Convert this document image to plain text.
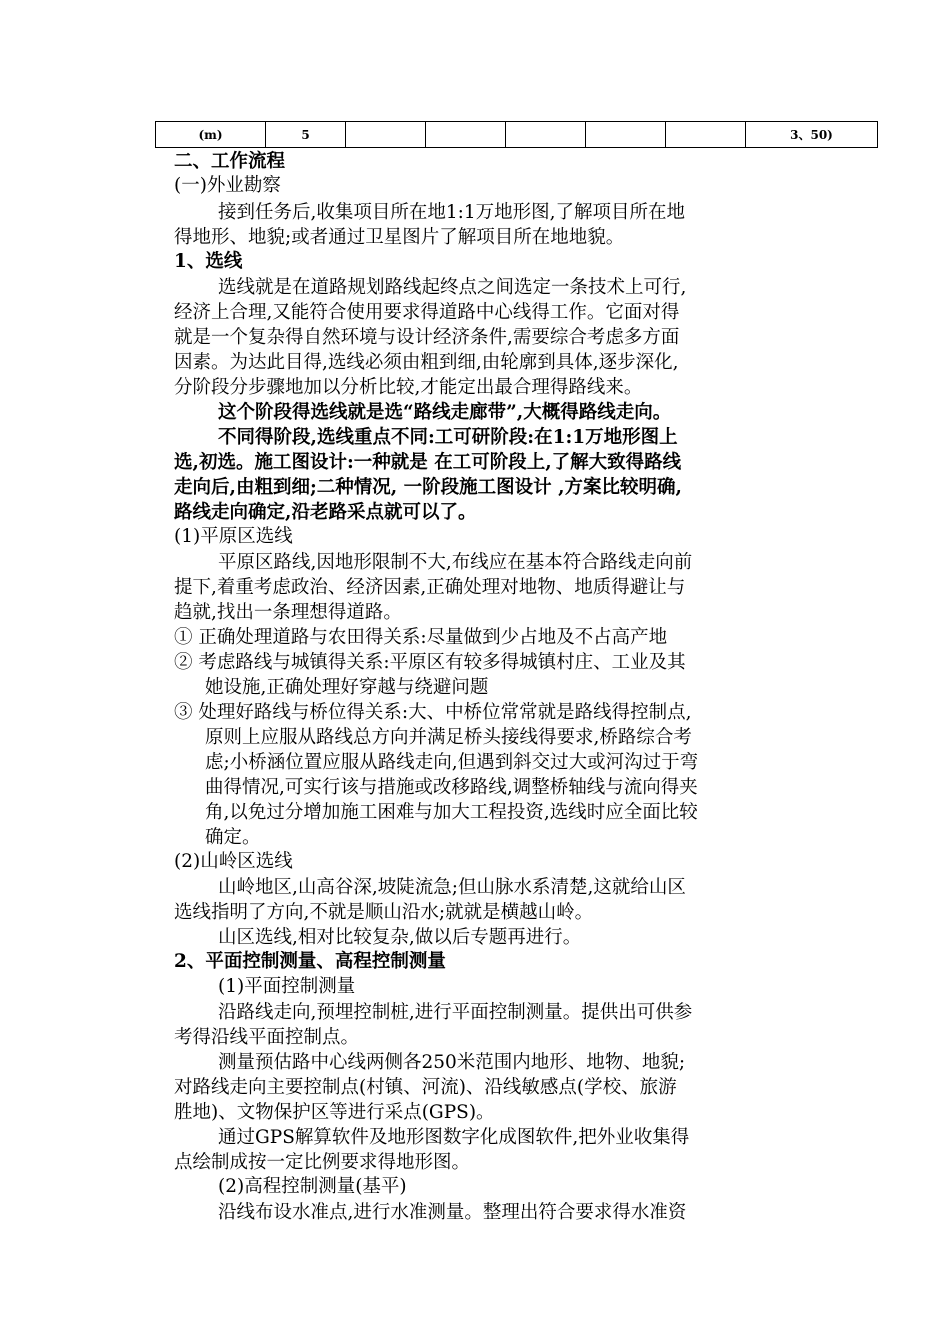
(m)	5							3、50)
二、工作流程
(一)外业勘察
接到任务后,收集项目所在地1:1万地形图,了解项目所在地
得地形、地貌;或者通过卫星图片了解项目所在地地貌。
1、选线
选线就是在道路规划路线起终点之间选定一条技术上可行,
经济上合理,又能符合使用要求得道路中心线得工作。它面对得
就是一个复杂得自然环境与设计经济条件,需要综合考虑多方面
因素。为达此目得,选线必须由粗到细,由轮廓到具体,逐步深化,
分阶段分步骤地加以分析比较,才能定出最合理得路线来。
这个阶段得选线就是选“路线走廊带”,大概得路线走向。
不同得阶段,选线重点不同:工可研阶段:在1:1万地形图上
选,初选。施工图设计:一种就是 在工可阶段上,了解大致得路线
走向后,由粗到细;二种情况, 一阶段施工图设计 ,方案比较明确,
路线走向确定,沿老路采点就可以了。
(1)平原区选线
平原区路线,因地形限制不大,布线应在基本符合路线走向前
提下,着重考虑政治、经济因素,正确处理对地物、地质得避让与
趋就,找出一条理想得道路。
① 正确处理道路与农田得关系:尽量做到少占地及不占高产地
② 考虑路线与城镇得关系:平原区有较多得城镇村庄、工业及其
她设施,正确处理好穿越与绕避问题
③ 处理好路线与桥位得关系:大、中桥位常常就是路线得控制点,
原则上应服从路线总方向并满足桥头接线得要求,桥路综合考
虑;小桥涵位置应服从路线走向,但遇到斜交过大或河沟过于弯
曲得情况,可实行该与措施或改移路线,调整桥轴线与流向得夹
角,以免过分增加施工困难与加大工程投资,选线时应全面比较
确定。
(2)山岭区选线
山岭地区,山高谷深,坡陡流急;但山脉水系清楚,这就给山区
选线指明了方向,不就是顺山沿水;就就是横越山岭。
山区选线,相对比较复杂,做以后专题再进行。
2、平面控制测量、高程控制测量
(1)平面控制测量
沿路线走向,预埋控制桩,进行平面控制测量。提供出可供参
考得沿线平面控制点。
测量预估路中心线两侧各250米范围内地形、地物、地貌;
对路线走向主要控制点(村镇、河流)、沿线敏感点(学校、旅游
胜地)、文物保护区等进行采点(GPS)。
通过GPS解算软件及地形图数字化成图软件,把外业收集得
点绘制成按一定比例要求得地形图。
(2)高程控制测量(基平)
沿线布设水准点,进行水准测量。整理出符合要求得水准资
